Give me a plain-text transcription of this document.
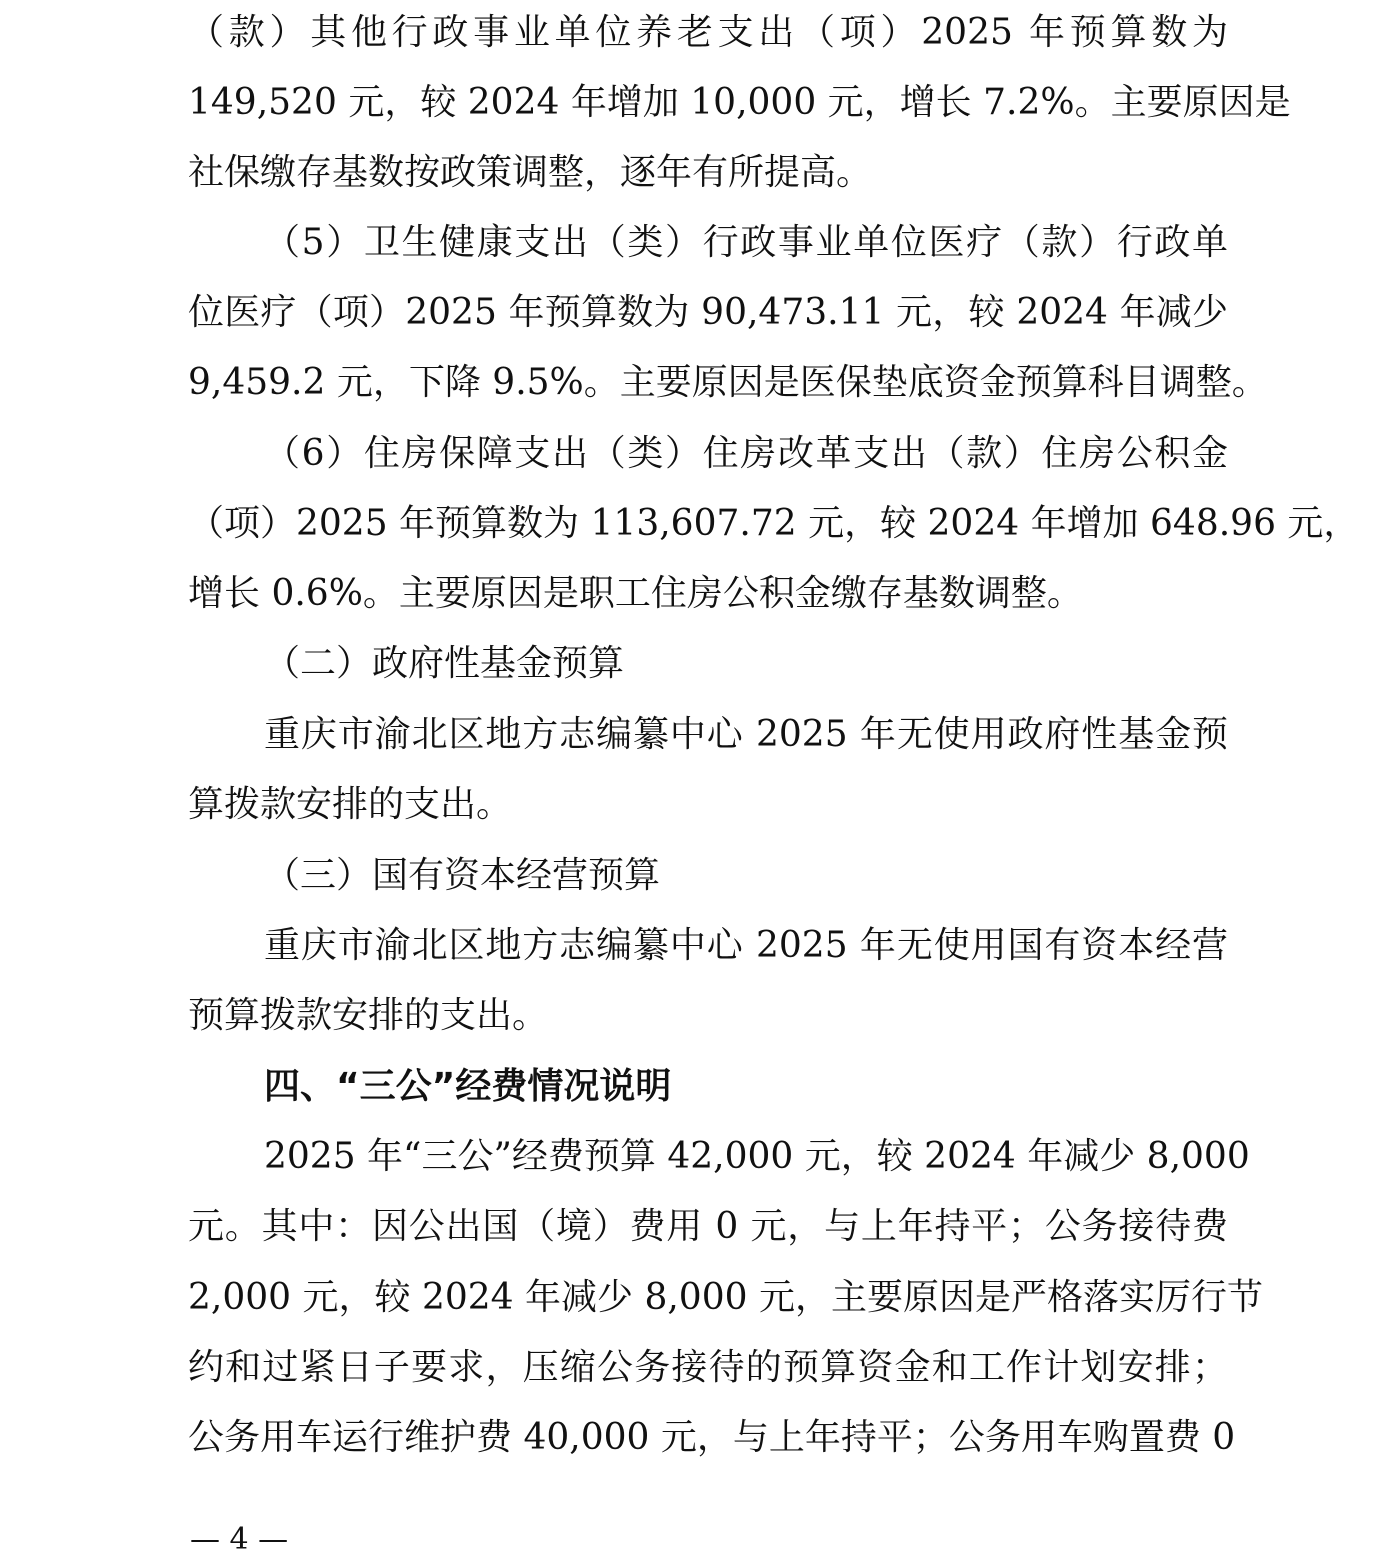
（款）其他行政事业单位养老支出（项）2025 年预算数为
149,520 元，较 2024 年增加 10,000 元，增长 7.2%。主要原因是
社保缴存基数按政策调整，逐年有所提高。
（5）卫生健康支出（类）行政事业单位医疗（款）行政单
位医疗（项）2025 年预算数为 90,473.11 元，较 2024 年减少
9,459.2 元，下降 9.5%。主要原因是医保垫底资金预算科目调整。
（6）住房保障支出（类）住房改革支出（款）住房公积金
（项）2025 年预算数为 113,607.72 元，较 2024 年增加 648.96 元，
增长 0.6%。主要原因是职工住房公积金缴存基数调整。
（二）政府性基金预算
重庆市渝北区地方志编纂中心 2025 年无使用政府性基金预
算拨款安排的支出。
（三）国有资本经营预算
重庆市渝北区地方志编纂中心 2025 年无使用国有资本经营
预算拨款安排的支出。
四、“三公”经费情况说明
2025 年“三公”经费预算 42,000 元，较 2024 年减少 8,000
元。其中：因公出国（境）费用 0 元，与上年持平；公务接待费
2,000 元，较 2024 年减少 8,000 元，主要原因是严格落实厉行节
约和过紧日子要求，压缩公务接待的预算资金和工作计划安排；
公务用车运行维护费 40,000 元，与上年持平；公务用车购置费 0
— 4 —
